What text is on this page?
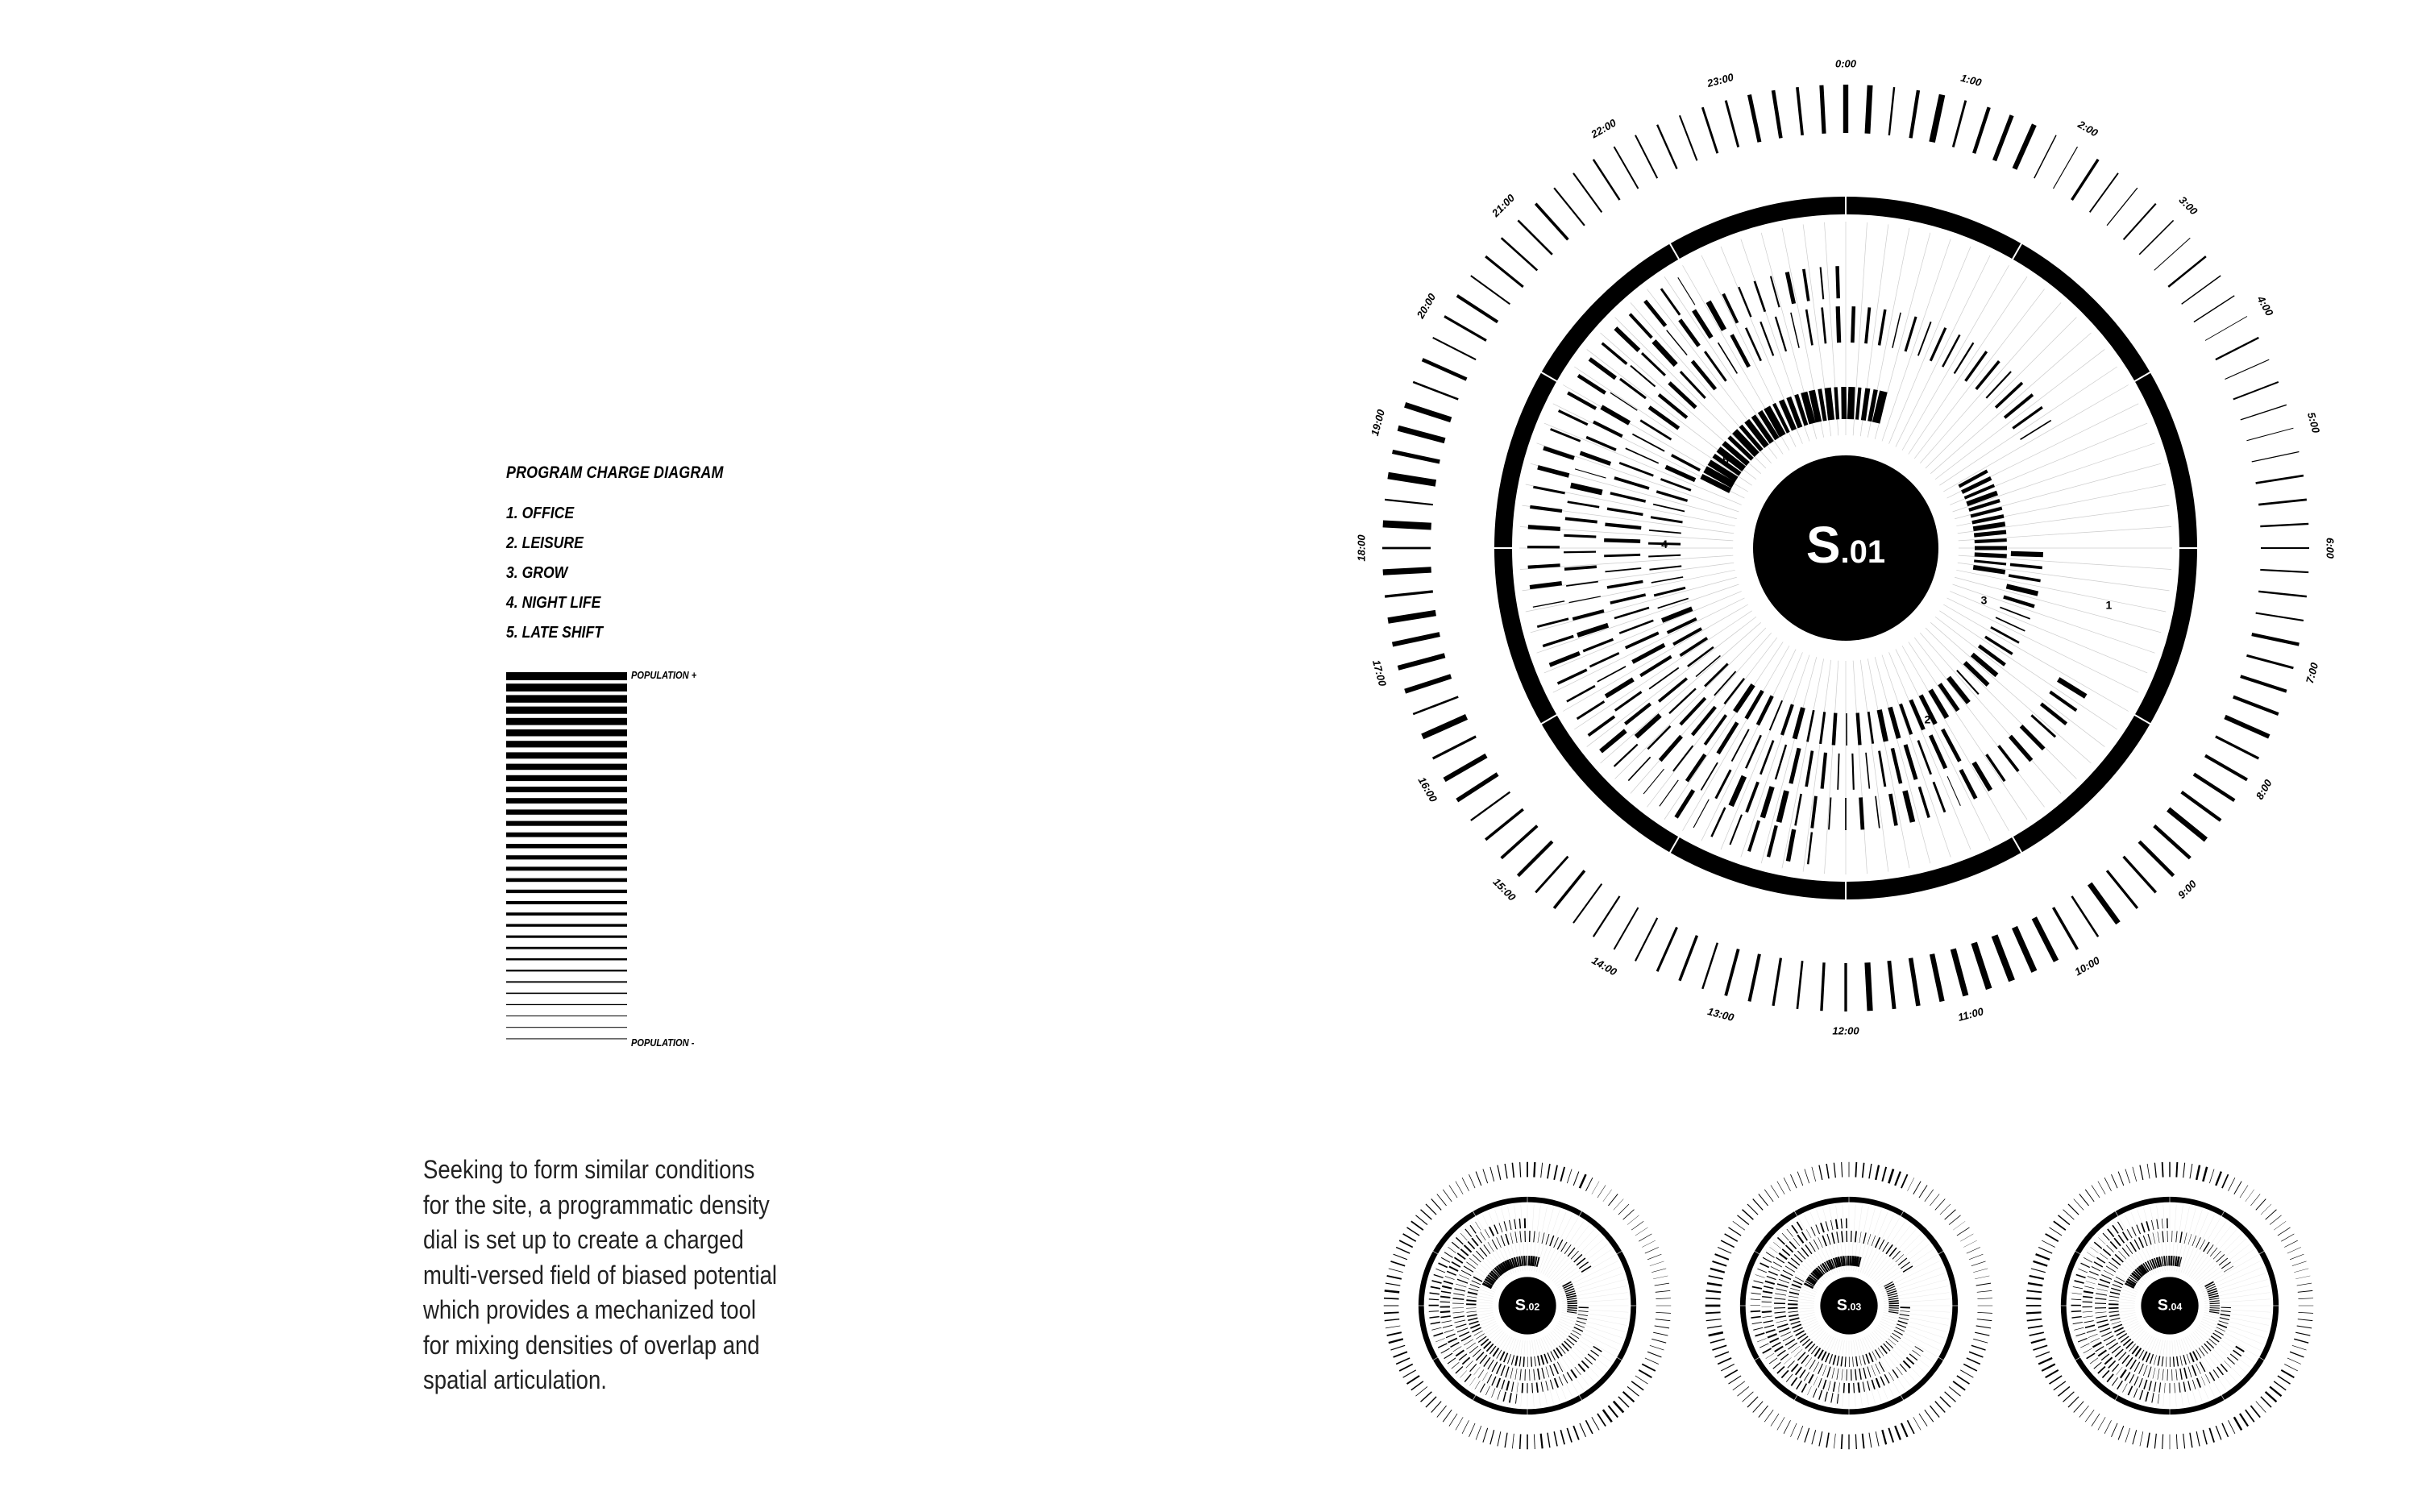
PROGRAM CHARGE DIAGRAM
1. OFFICE
2. LEISURE
3. GROW
4. NIGHT LIFE
5. LATE SHIFT
POPULATION +
POPULATION -

Seeking to form similar conditions

for the site, a programmatic density

dial is set up to create a charged

multi-versed field of biased potential

which provides a mechanized tool

for mixing densities of overlap and

spatial articulation.

S.01
0:00
1:00
2:00
3:00
4:00
5:00
6:00
7:00
8:00
9:00
10:00
11:00
12:00
13:00
14:00
15:00
16:00
17:00
18:00
19:00
20:00
21:00
22:00
23:00
1
2
3
4
5
S.02	S.03	S.04
